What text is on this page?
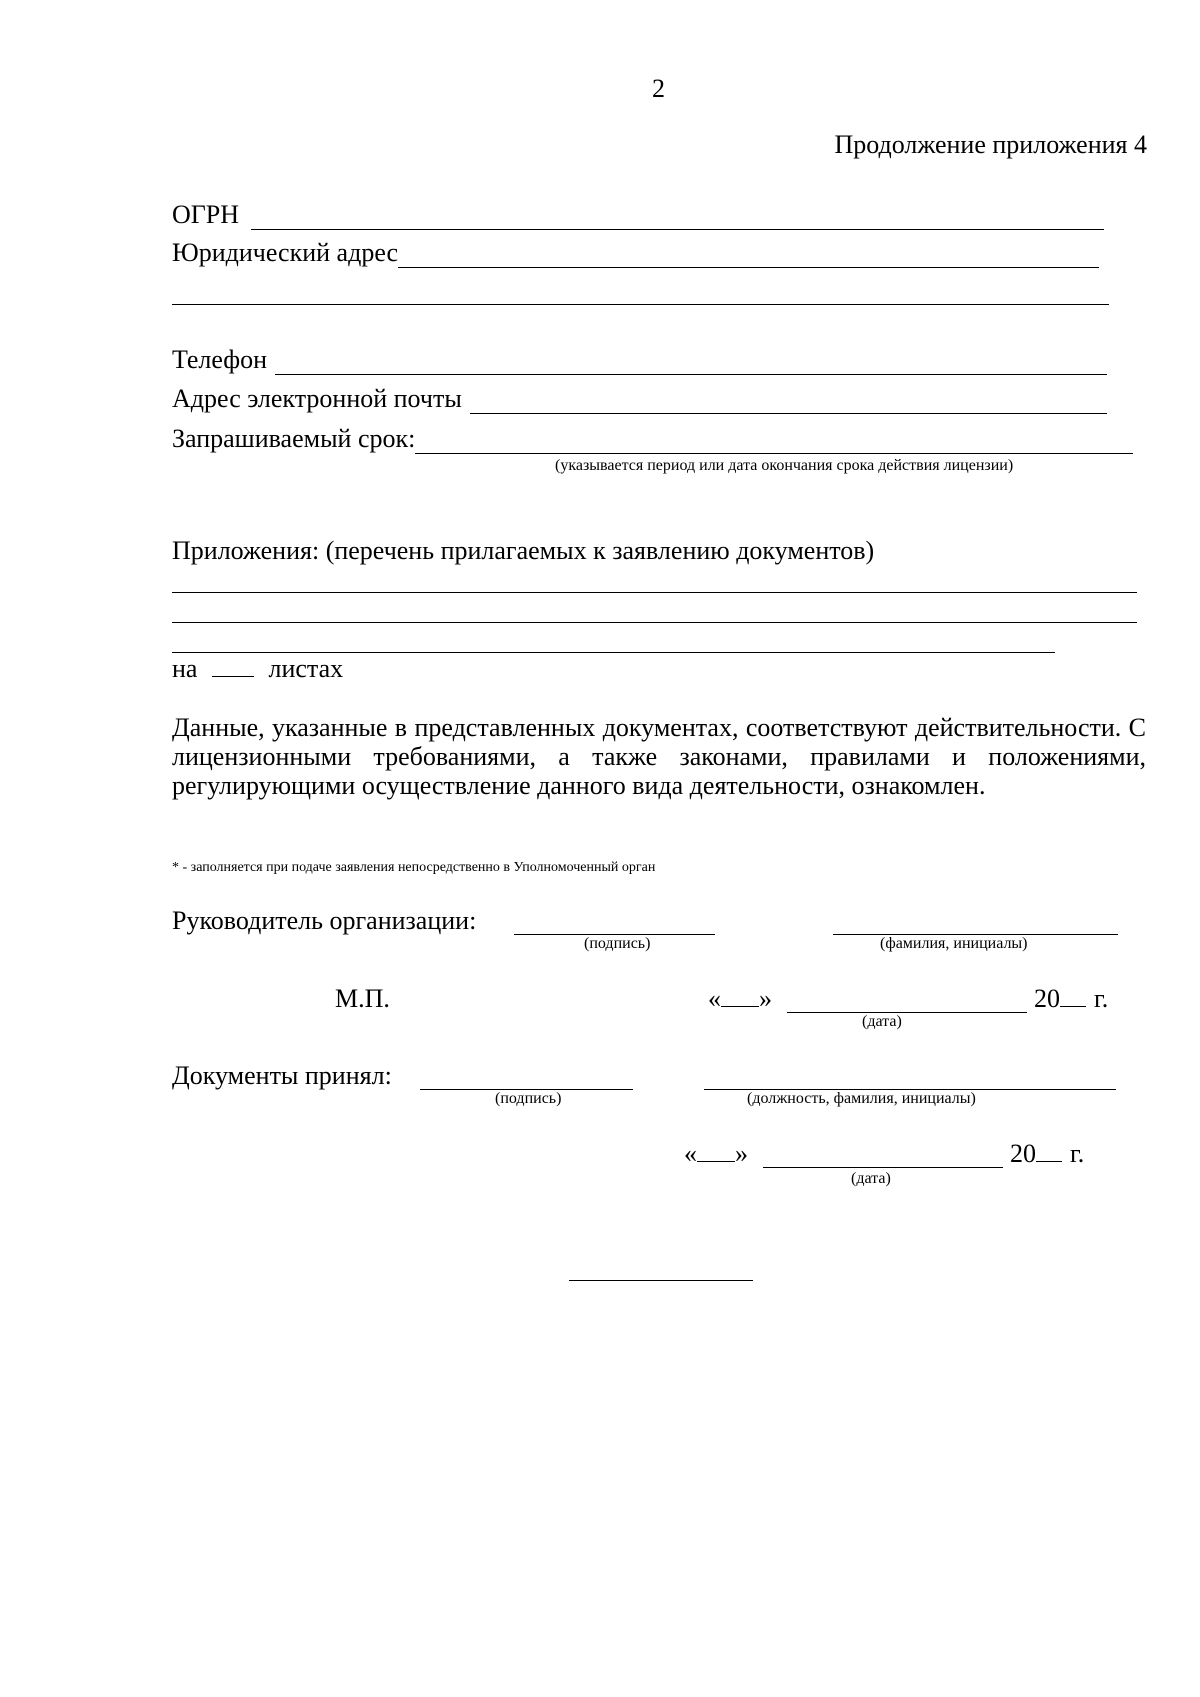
2
Продолжение приложения 4
ОГРН
Юридический адрес
Телефон
Адрес электронной почты
Запрашиваемый срок:
(указывается период или дата окончания срока действия лицензии)
Приложения: (перечень прилагаемых к заявлению документов)
на	листах
Данные, указанные в представленных документах, соответствуют действительности. С лицензионными требованиями, а также законами, правилами и положениями, регулирующими осуществление данного вида деятельности, ознакомлен.
* - заполняется при подаче заявления непосредственно в Уполномоченный орган
Руководитель организации:
(подпись)	(фамилия, инициалы)
М.П.	« »	20 г.
(дата)
Документы принял:
(подпись)	(должность, фамилия, инициалы)
« »	20 г.
(дата)
